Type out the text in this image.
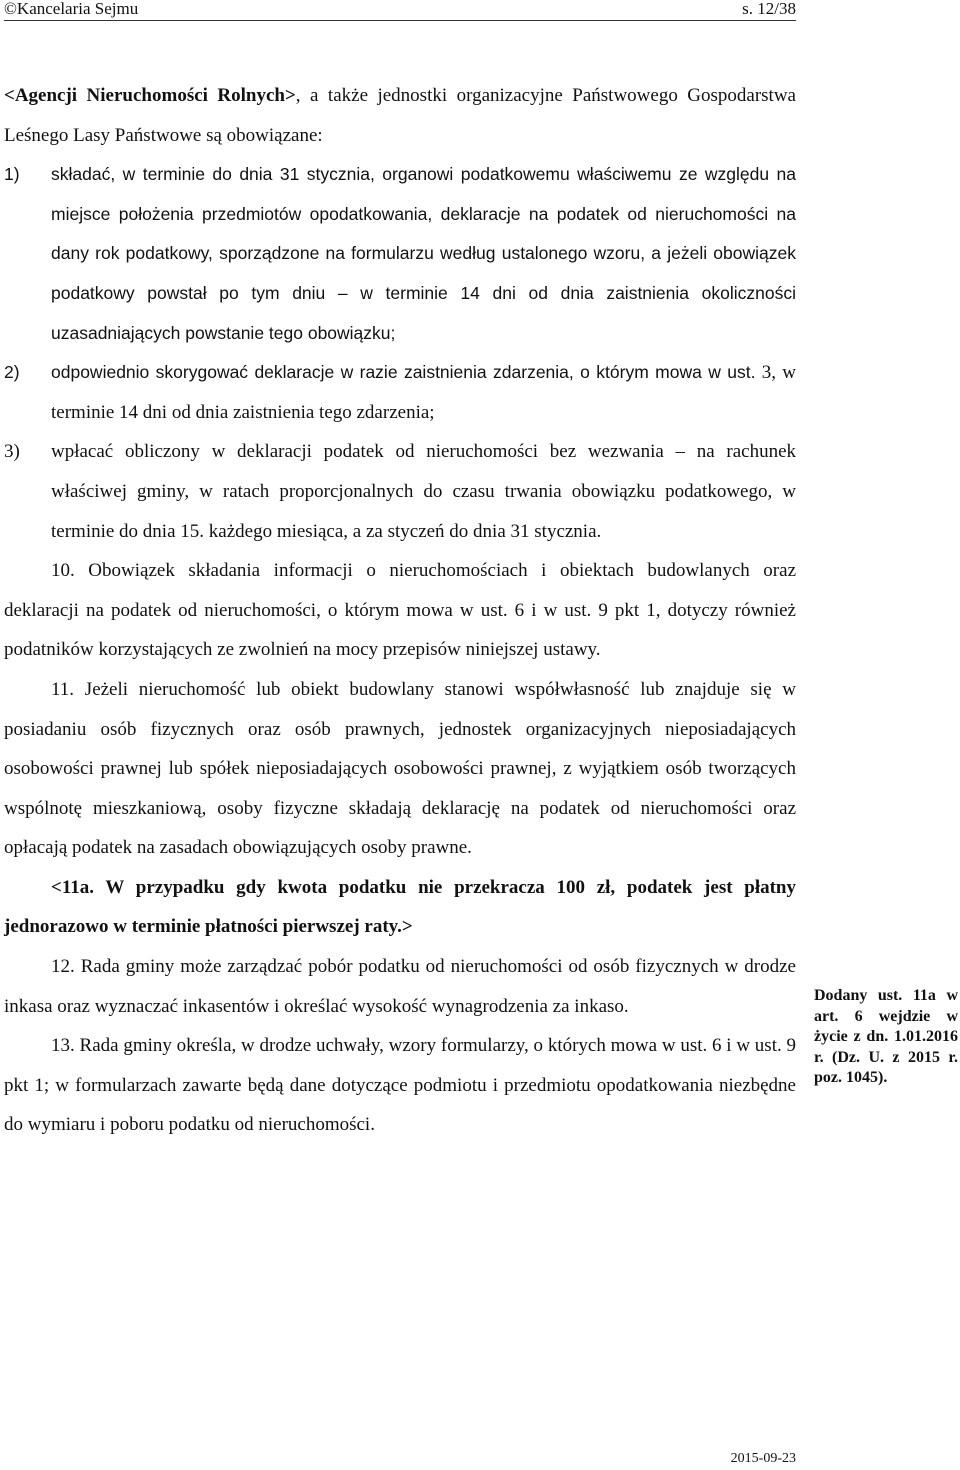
©Kancelaria Sejmu	s. 12/38

<Agencji Nieruchomości Rolnych>, a także jednostki organizacyjne Państwowego Gospodarstwa Leśnego Lasy Państwowe są obowiązane:

1) składać, w terminie do dnia 31 stycznia, organowi podatkowemu właściwemu ze względu na miejsce położenia przedmiotów opodatkowania, deklaracje na podatek od nieruchomości na dany rok podatkowy, sporządzone na formularzu według ustalonego wzoru, a jeżeli obowiązek podatkowy powstał po tym dniu – w terminie 14 dni od dnia zaistnienia okoliczności uzasadniających powstanie tego obowiązku;

2) odpowiednio skorygować deklaracje w razie zaistnienia zdarzenia, o którym mowa w ust. 3, w terminie 14 dni od dnia zaistnienia tego zdarzenia;

3) wpłacać obliczony w deklaracji podatek od nieruchomości bez wezwania – na rachunek właściwej gminy, w ratach proporcjonalnych do czasu trwania obowiązku podatkowego, w terminie do dnia 15. każdego miesiąca, a za styczeń do dnia 31 stycznia.

10. Obowiązek składania informacji o nieruchomościach i obiektach budowlanych oraz deklaracji na podatek od nieruchomości, o którym mowa w ust. 6 i w ust. 9 pkt 1, dotyczy również podatników korzystających ze zwolnień na mocy przepisów niniejszej ustawy.

11. Jeżeli nieruchomość lub obiekt budowlany stanowi współwłasność lub znajduje się w posiadaniu osób fizycznych oraz osób prawnych, jednostek organizacyjnych nieposiadających osobowości prawnej lub spółek nieposiadających osobowości prawnej, z wyjątkiem osób tworzących wspólnotę mieszkaniową, osoby fizyczne składają deklarację na podatek od nieruchomości oraz opłacają podatek na zasadach obowiązujących osoby prawne.

<11a. W przypadku gdy kwota podatku nie przekracza 100 zł, podatek jest płatny jednorazowo w terminie płatności pierwszej raty.>

12. Rada gminy może zarządzać pobór podatku od nieruchomości od osób fizycznych w drodze inkasa oraz wyznaczać inkasentów i określać wysokość wynagrodzenia za inkaso.

13. Rada gminy określa, w drodze uchwały, wzory formularzy, o których mowa w ust. 6 i w ust. 9 pkt 1; w formularzach zawarte będą dane dotyczące podmiotu i przedmiotu opodatkowania niezbędne do wymiaru i poboru podatku od nieruchomości.

Dodany ust. 11a w art. 6 wejdzie w życie z dn. 1.01.2016 r. (Dz. U. z 2015 r. poz. 1045).
2015-09-23
